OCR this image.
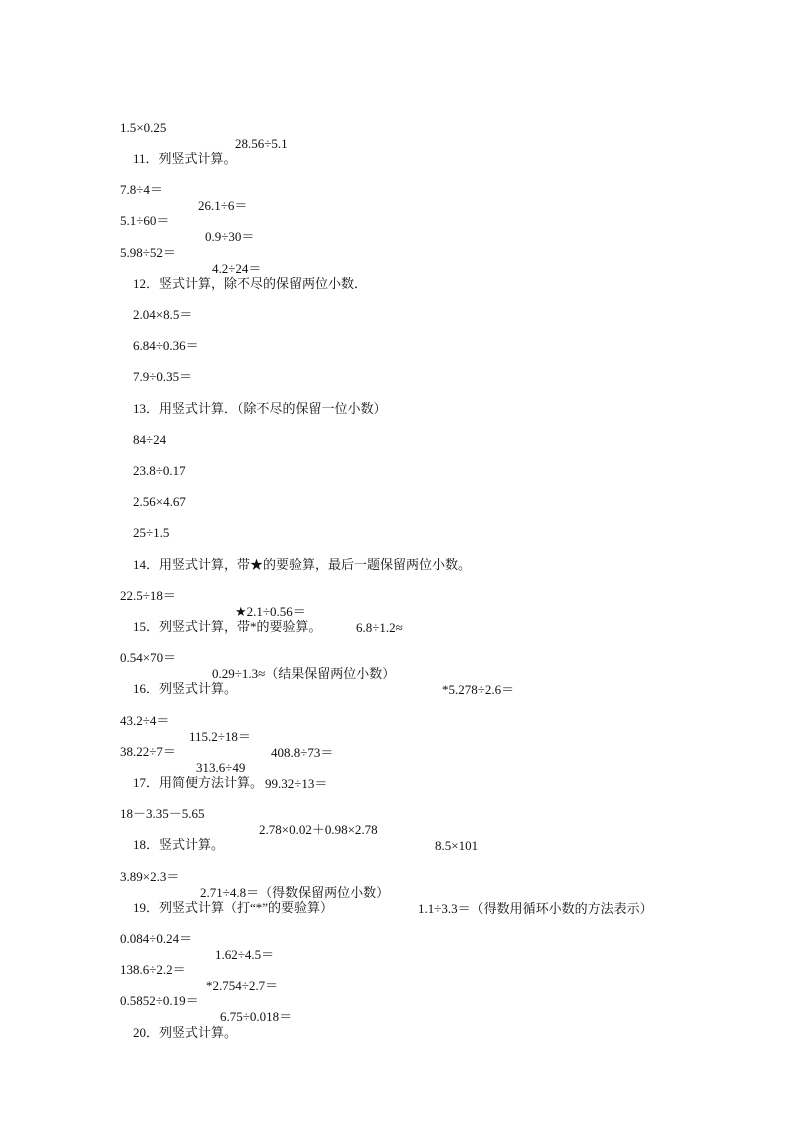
1.5×0.25

28.56÷5.1

11．列竖式计算。

7.8÷4＝

26.1÷6＝

5.1÷60＝

0.9÷30＝

5.98÷52＝

4.2÷24＝

12．竖式计算，除不尽的保留两位小数．

2.04×8.5＝

6.84÷0.36＝

7.9÷0.35＝

13．用竖式计算．（除不尽的保留一位小数）

84÷24

23.8÷0.17

2.56×4.67

25÷1.5

14．用竖式计算，带★的要验算，最后一题保留两位小数。

22.5÷18＝

★2.1÷0.56＝

6.8÷1.2≈

15．列竖式计算，带*的要验算。

0.54×70＝

0.29÷1.3≈（结果保留两位小数）

*5.278÷2.6＝

16．列竖式计算。

43.2÷4＝

115.2÷18＝

408.8÷73＝

38.22÷7＝

313.6÷49

99.32÷13＝

17．用简便方法计算。

18－3.35－5.65

2.78×0.02＋0.98×2.78

8.5×101

18．竖式计算。

3.89×2.3＝

2.71÷4.8＝（得数保留两位小数）

1.1÷3.3＝（得数用循环小数的方法表示）

19．列竖式计算（打“*”的要验算）

0.084÷0.24＝

1.62÷4.5＝

138.6÷2.2＝

*2.754÷2.7＝

0.5852÷0.19＝

6.75÷0.018＝

20．列竖式计算。
